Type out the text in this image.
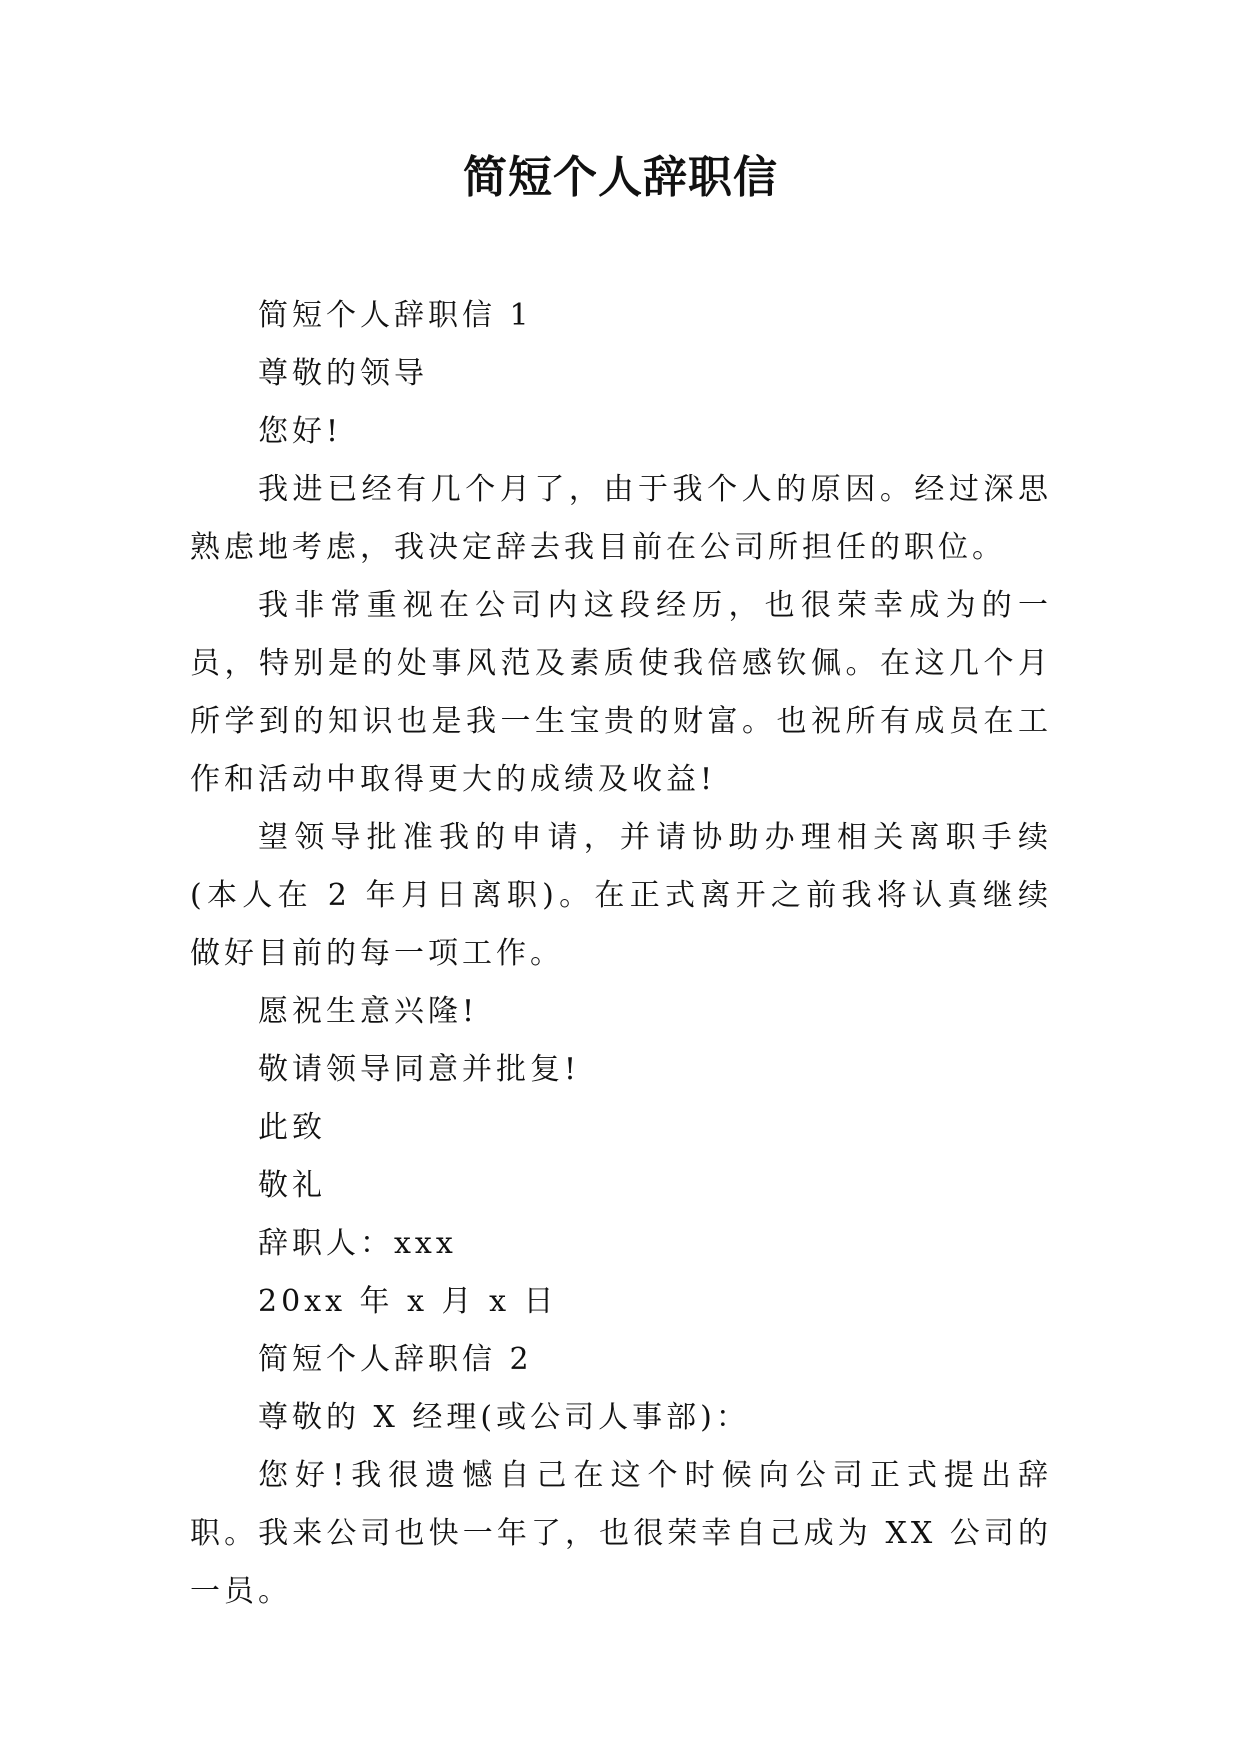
简短个人辞职信

简短个人辞职信 1

尊敬的领导

您好!

我进已经有几个月了，由于我个人的原因。经过深思熟虑地考虑，我决定辞去我目前在公司所担任的职位。

我非常重视在公司内这段经历，也很荣幸成为的一员，特别是的处事风范及素质使我倍感钦佩。在这几个月所学到的知识也是我一生宝贵的财富。也祝所有成员在工作和活动中取得更大的成绩及收益!

望领导批准我的申请，并请协助办理相关离职手续(本人在 2 年月日离职)。在正式离开之前我将认真继续做好目前的每一项工作。

愿祝生意兴隆!

敬请领导同意并批复!

此致

敬礼

辞职人：xxx

20xx 年 x 月 x 日

简短个人辞职信 2

尊敬的 X 经理(或公司人事部)：

您好!我很遗憾自己在这个时候向公司正式提出辞职。我来公司也快一年了，也很荣幸自己成为 XX 公司的一员。
